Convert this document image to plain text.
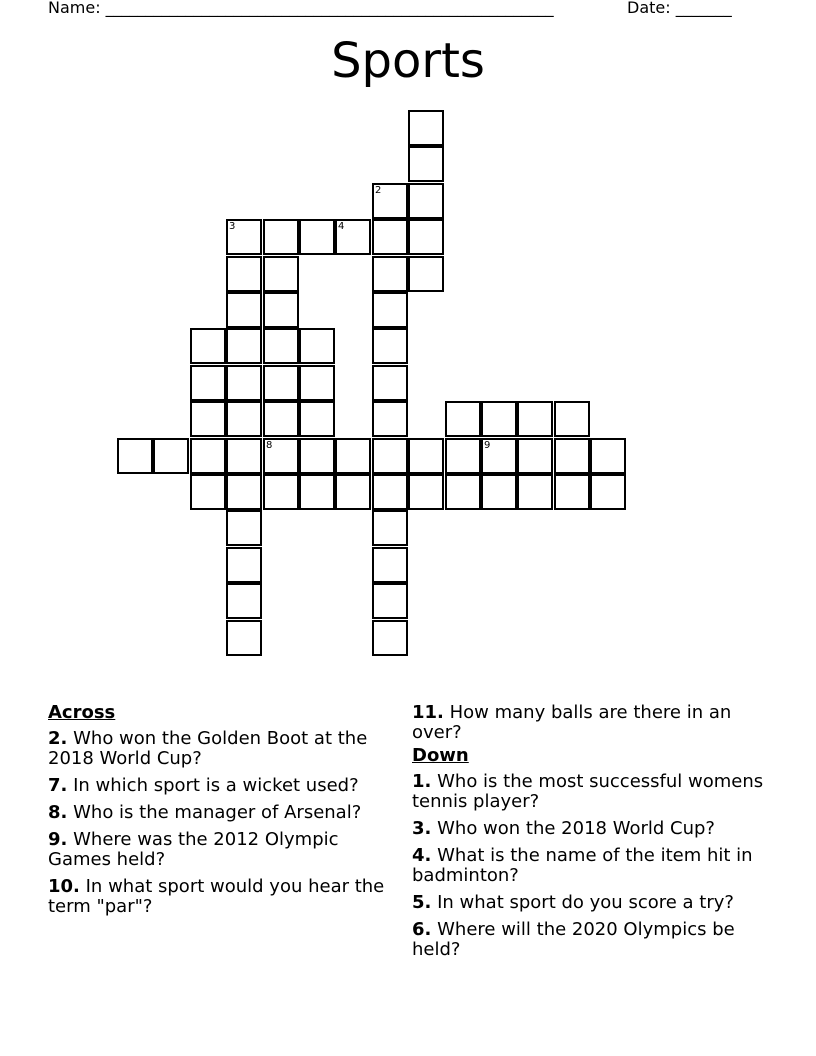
Name: ________________________________________________________	Date: _______
Sports
8	9
3	4
2
Across
2. Who won the Golden Boot at the 2018 World Cup?
7. In which sport is a wicket used?
8. Who is the manager of Arsenal?
9. Where was the 2012 Olympic Games held?
10. In what sport would you hear the term "par"?
11. How many balls are there in an over?
Down
1. Who is the most successful womens tennis player?
3. Who won the 2018 World Cup?
4. What is the name of the item hit in badminton?
5. In what sport do you score a try?
6. Where will the 2020 Olympics be held?
